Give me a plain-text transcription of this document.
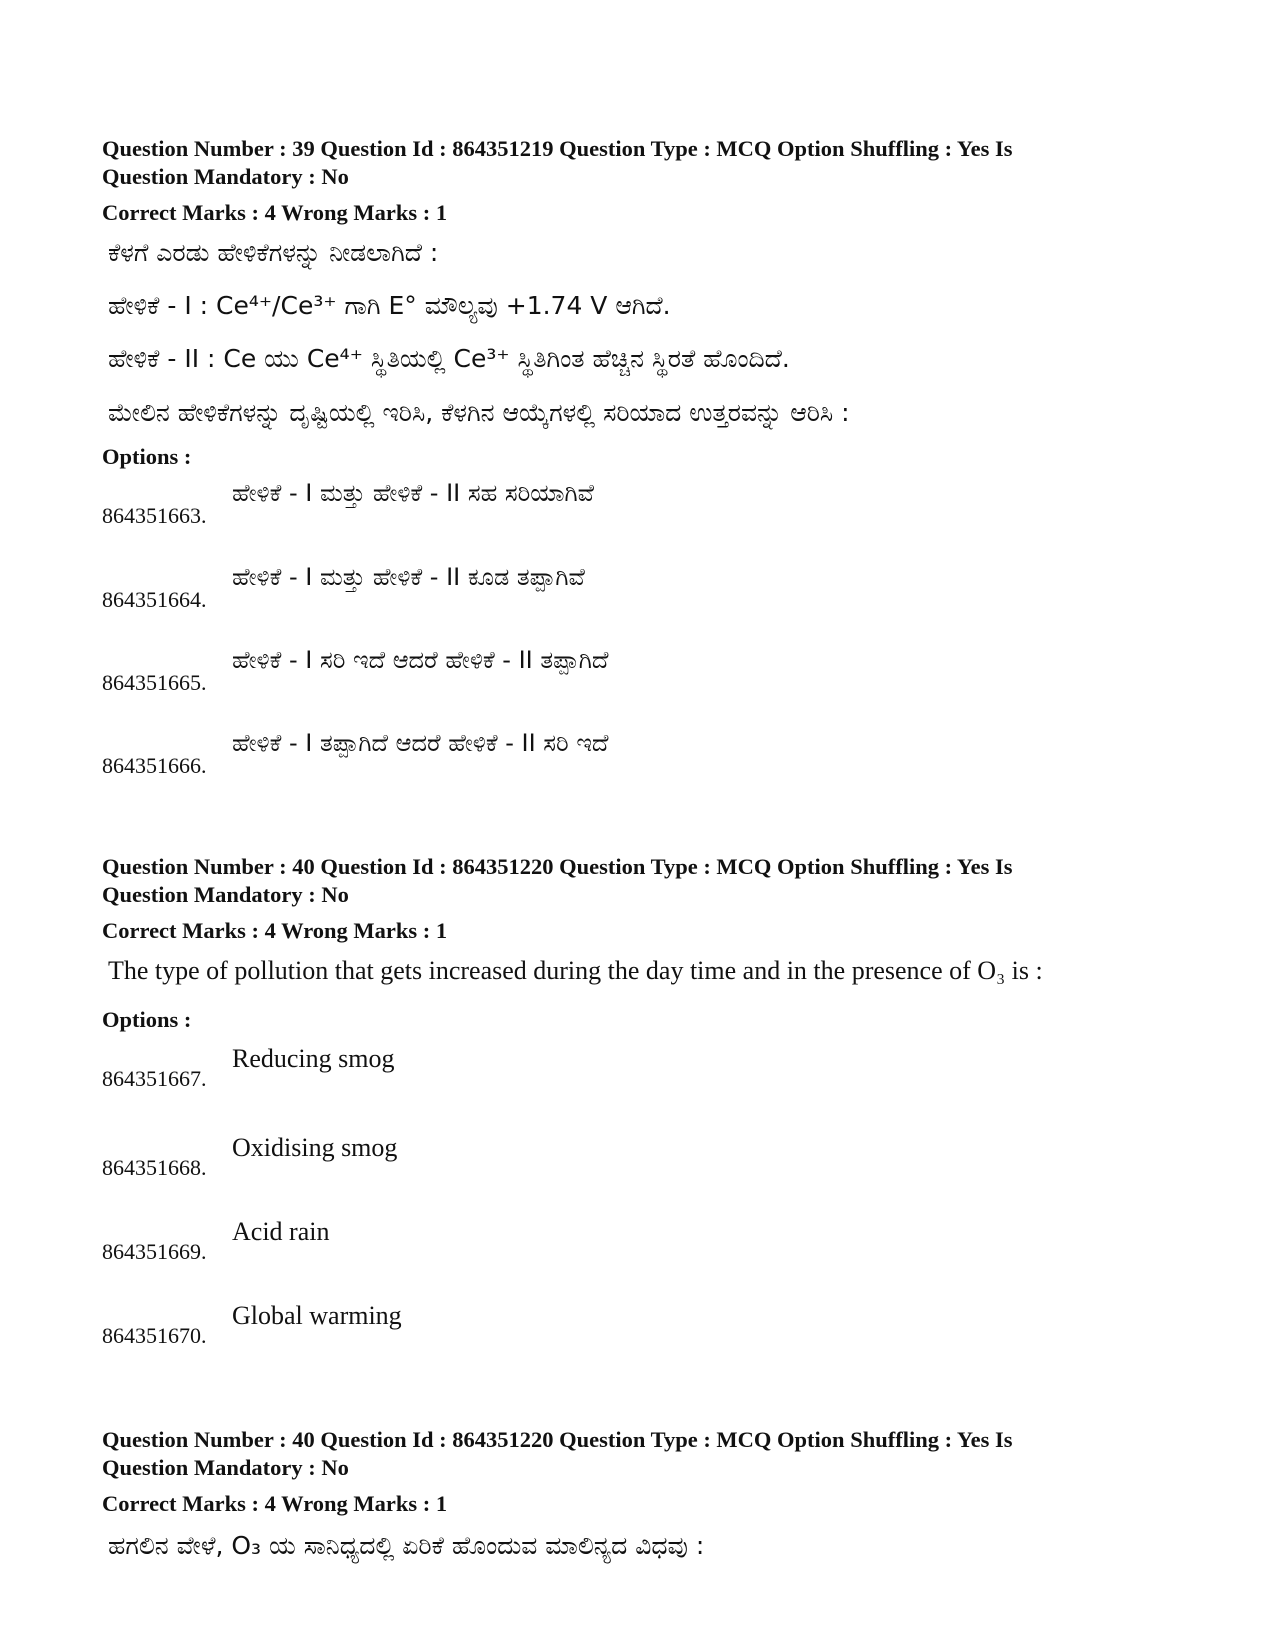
Question Number : 39 Question Id : 864351219 Question Type : MCQ Option Shuffling : Yes Is
Question Mandatory : No
Correct Marks : 4 Wrong Marks : 1
ಕೆಳಗೆ ಎರಡು ಹೇಳಿಕೆಗಳನ್ನು ನೀಡಲಾಗಿದೆ :
ಹೇಳಿಕೆ - I : Ce⁴⁺/Ce³⁺ ಗಾಗಿ E° ಮೌಲ್ಯವು +1.74 V ಆಗಿದೆ.
ಹೇಳಿಕೆ - II : Ce ಯು Ce⁴⁺ ಸ್ಥಿತಿಯಲ್ಲಿ Ce³⁺ ಸ್ಥಿತಿಗಿಂತ ಹೆಚ್ಚಿನ ಸ್ಥಿರತೆ ಹೊಂದಿದೆ.
ಮೇಲಿನ ಹೇಳಿಕೆಗಳನ್ನು ದೃಷ್ಟಿಯಲ್ಲಿ ಇರಿಸಿ, ಕೆಳಗಿನ ಆಯ್ಕೆಗಳಲ್ಲಿ ಸರಿಯಾದ ಉತ್ತರವನ್ನು ಆರಿಸಿ :
Options :
ಹೇಳಿಕೆ - I ಮತ್ತು ಹೇಳಿಕೆ - II ಸಹ ಸರಿಯಾಗಿವೆ
864351663.
ಹೇಳಿಕೆ - I ಮತ್ತು ಹೇಳಿಕೆ - II ಕೂಡ ತಪ್ಪಾಗಿವೆ
864351664.
ಹೇಳಿಕೆ - I ಸರಿ ಇದೆ ಆದರೆ ಹೇಳಿಕೆ - II ತಪ್ಪಾಗಿದೆ
864351665.
ಹೇಳಿಕೆ - I ತಪ್ಪಾಗಿದೆ ಆದರೆ ಹೇಳಿಕೆ - II ಸರಿ ಇದೆ
864351666.
Question Number : 40 Question Id : 864351220 Question Type : MCQ Option Shuffling : Yes Is
Question Mandatory : No
Correct Marks : 4 Wrong Marks : 1
The type of pollution that gets increased during the day time and in the presence of O₃ is :
Options :
Reducing smog
864351667.
Oxidising smog
864351668.
Acid rain
864351669.
Global warming
864351670.
Question Number : 40 Question Id : 864351220 Question Type : MCQ Option Shuffling : Yes Is
Question Mandatory : No
Correct Marks : 4 Wrong Marks : 1
ಹಗಲಿನ ವೇಳೆ, O₃ ಯ ಸಾನಿಧ್ಯದಲ್ಲಿ ಏರಿಕೆ ಹೊಂದುವ ಮಾಲಿನ್ಯದ ವಿಧವು :
